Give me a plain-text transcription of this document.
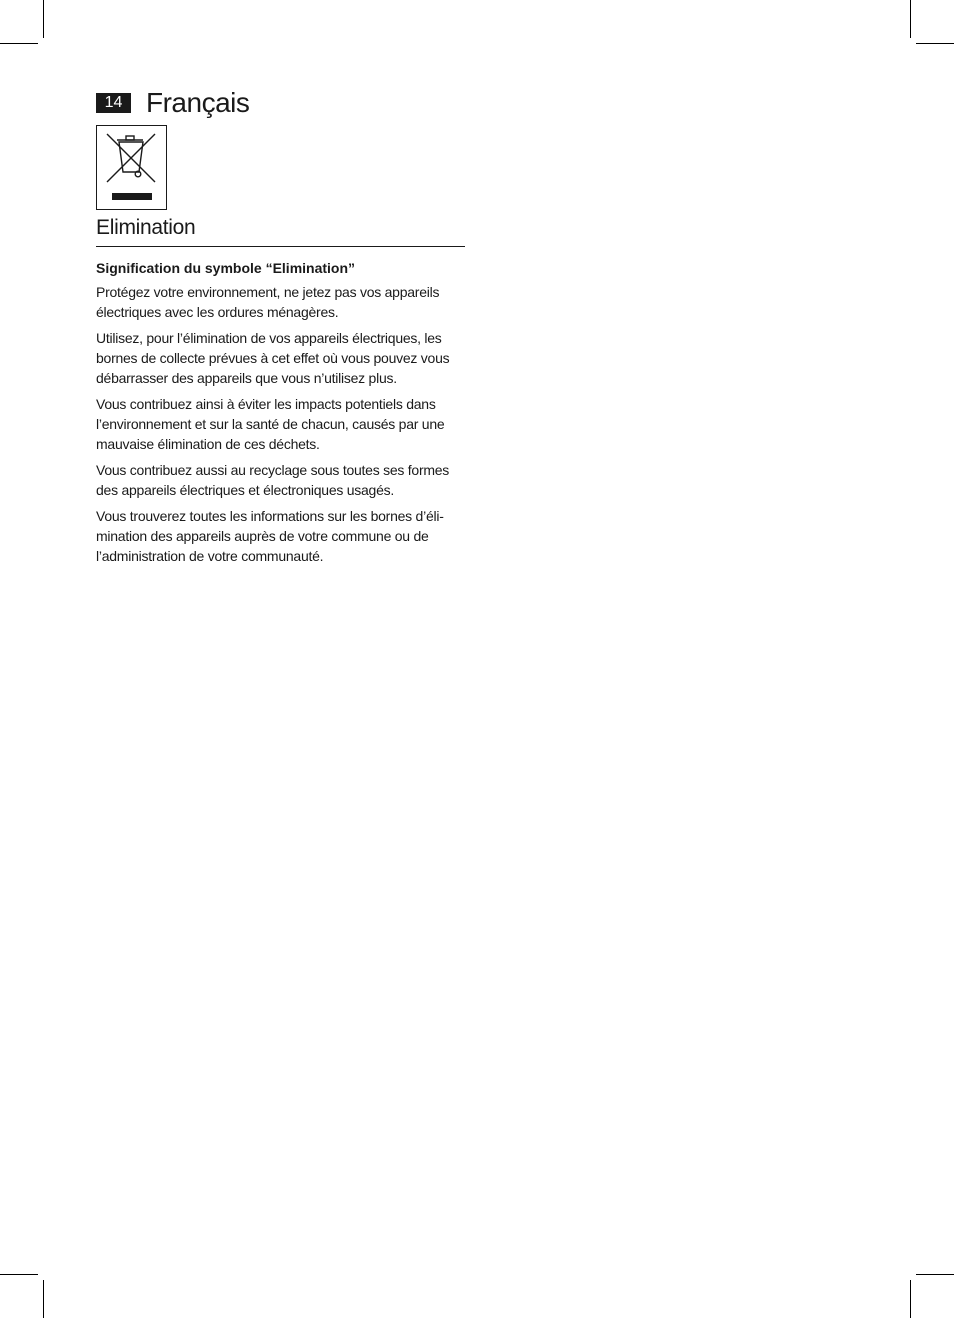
14 Français
Elimination
Signification du symbole “Elimination”

Protégez votre environnement, ne jetez pas vos appareils
électriques avec les ordures ménagères.

Utilisez, pour l’élimination de vos appareils électriques, les
bornes de collecte prévues à cet effet où vous pouvez vous
débarrasser des appareils que vous n’utilisez plus.

Vous contribuez ainsi à éviter les impacts potentiels dans
l’environnement et sur la santé de chacun, causés par une
mauvaise élimination de ces déchets.

Vous contribuez aussi au recyclage sous toutes ses formes
des appareils électriques et électroniques usagés.

Vous trouverez toutes les informations sur les bornes d’éli-
mination des appareils auprès de votre commune ou de
l’administration de votre communauté.
